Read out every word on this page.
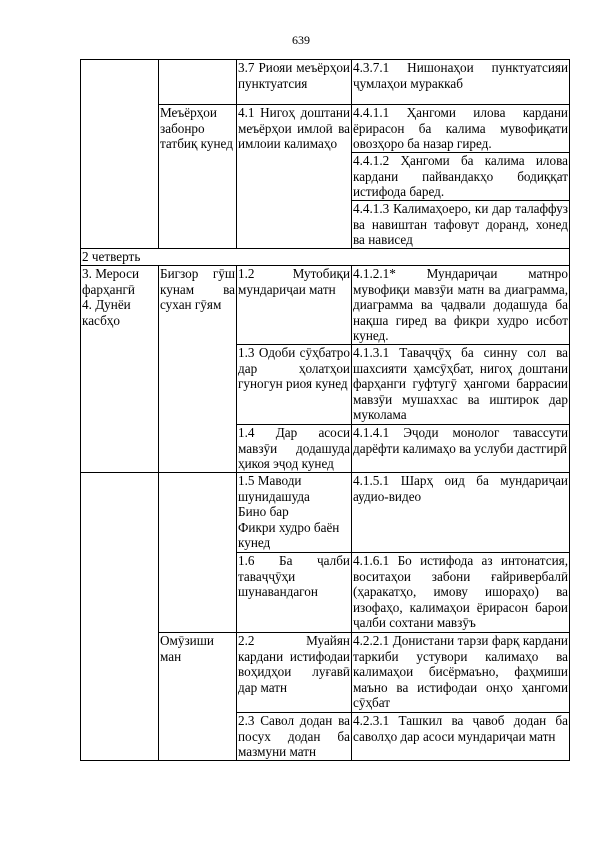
639
		3.7 Риояи меъёрҳои пунктуатсия	4.3.7.1 Нишонаҳои пунктуатсияи ҷумлаҳои мураккаб
	Меъёрҳои забонро татбиқ кунед	4.1 Нигоҳ доштани меъёрҳои имлоӣ ва имлоии калимаҳо	4.4.1.1 Ҳангоми илова кардани ёрирасон ба калима мувофиқати овозҳоро ба назар гиред.
			4.4.1.2 Ҳангоми ба калима илова кардани пайвандакҳо бодиққат истифода баред.
			4.4.1.3 Калимаҳоеро, ки дар талаффуз ва навиштан тафовут доранд, хонед ва нависед
2 четверть			
3. Мероси фарҳангӣ
4. Дунёи касбҳо	Бигзор гӯш кунам ва сухан гӯям	1.2 Мутобиқи мундариҷаи матн	4.1.2.1* Мундариҷаи матнро мувофиқи мавзӯи матн ва диаграмма, диаграмма ва ҷадвали додашуда ба нақша гиред ва фикри худро исбот кунед.
		1.3 Одоби сӯҳбатро дар ҳолатҳои гуногун риоя кунед	4.1.3.1 Таваҷҷӯҳ ба синну сол ва шахсияти ҳамсӯҳбат, нигоҳ доштани фарҳанги гуфтугӯ ҳангоми баррасии мавзӯи мушаххас ва иштирок дар муколама
		1.4 Дар асоси мавзӯи додашуда ҳикоя эҷод кунед	4.1.4.1 Эҷоди монолог тавассути дарёфти калимаҳо ва услуби дастгирӣ
		1.5 Маводи шунидашуда
Бино бар
Фикри худро баён кунед	4.1.5.1 Шарҳ оид ба мундариҷаи аудио-видео
		1.6 Ба ҷалби таваҷҷӯҳи шунавандагон	4.1.6.1 Бо истифода аз интонатсия, воситаҳои забони ғайривербалӣ (ҳаракатҳо, имову ишораҳо) ва изофаҳо, калимаҳои ёрирасон барои ҷалби сохтани мавзӯъ
	Омӯзиши ман	2.2 Муайян кардани истифодаи воҳидҳои луғавӣ дар матн	4.2.2.1 Донистани тарзи фарқ кардани таркиби устувори калимаҳо ва калимаҳои бисёрмаъно, фаҳмиши маъно ва истифодаи онҳо ҳангоми сӯҳбат
		2.3 Савол додан ва посух додан ба мазмуни матн	4.2.3.1 Ташкил ва ҷавоб додан ба саволҳо дар асоси мундариҷаи матн
